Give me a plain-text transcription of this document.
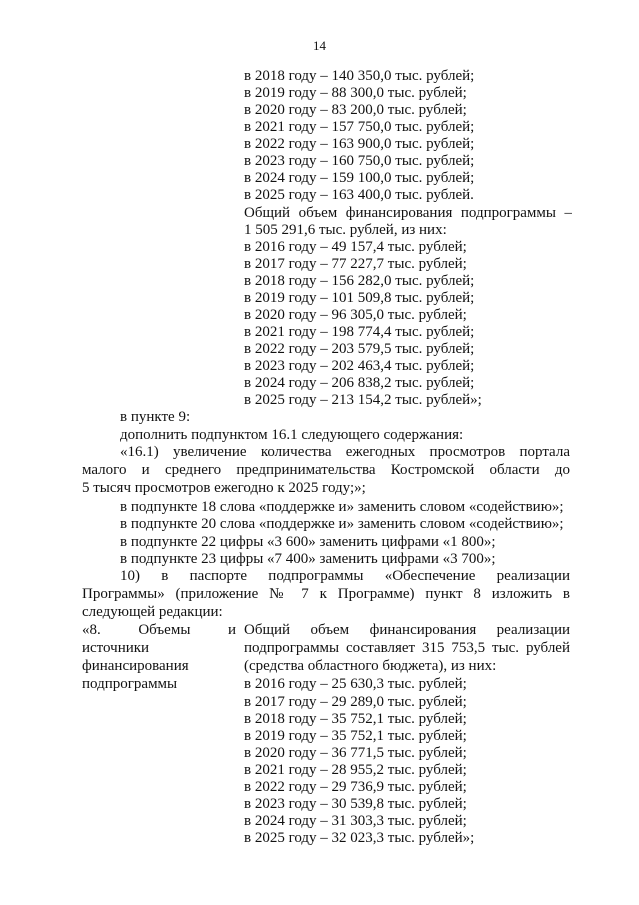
14
в 2018 году – 140 350,0 тыс. рублей;
в 2019 году – 88 300,0 тыс. рублей;
в 2020 году – 83 200,0 тыс. рублей;
в 2021 году – 157 750,0 тыс. рублей;
в 2022 году – 163 900,0 тыс. рублей;
в 2023 году – 160 750,0 тыс. рублей;
в 2024 году – 159 100,0 тыс. рублей;
в 2025 году – 163 400,0 тыс. рублей.
Общий объем финансирования подпрограммы –
1 505 291,6 тыс. рублей, из них:
в 2016 году – 49 157,4 тыс. рублей;
в 2017 году – 77 227,7 тыс. рублей;
в 2018 году – 156 282,0 тыс. рублей;
в 2019 году – 101 509,8 тыс. рублей;
в 2020 году – 96 305,0 тыс. рублей;
в 2021 году – 198 774,4 тыс. рублей;
в 2022 году – 203 579,5 тыс. рублей;
в 2023 году – 202 463,4 тыс. рублей;
в 2024 году – 206 838,2 тыс. рублей;
в 2025 году – 213 154,2 тыс. рублей»;
в пункте 9:
дополнить подпунктом 16.1 следующего содержания:
«16.1) увеличение количества ежегодных просмотров портала
малого и среднего предпринимательства Костромской области до
5 тысяч просмотров ежегодно к 2025 году;»;
в подпункте 18 слова «поддержке и» заменить словом «содействию»;
в подпункте 20 слова «поддержке и» заменить словом «содействию»;
в подпункте 22 цифры «3 600» заменить цифрами «1 800»;
в подпункте 23 цифры «7 400» заменить цифрами «3 700»;
10) в паспорте подпрограммы «Обеспечение реализации
Программы» (приложение № 7 к Программе) пункт 8 изложить в
следующей редакции:
«8. Объемы и
источники
финансирования
подпрограммы
Общий объем финансирования реализации
подпрограммы составляет 315 753,5 тыс. рублей
(средства областного бюджета), из них:
в 2016 году – 25 630,3 тыс. рублей;
в 2017 году – 29 289,0 тыс. рублей;
в 2018 году – 35 752,1 тыс. рублей;
в 2019 году – 35 752,1 тыс. рублей;
в 2020 году – 36 771,5 тыс. рублей;
в 2021 году – 28 955,2 тыс. рублей;
в 2022 году – 29 736,9 тыс. рублей;
в 2023 году – 30 539,8 тыс. рублей;
в 2024 году – 31 303,3 тыс. рублей;
в 2025 году – 32 023,3 тыс. рублей»;
